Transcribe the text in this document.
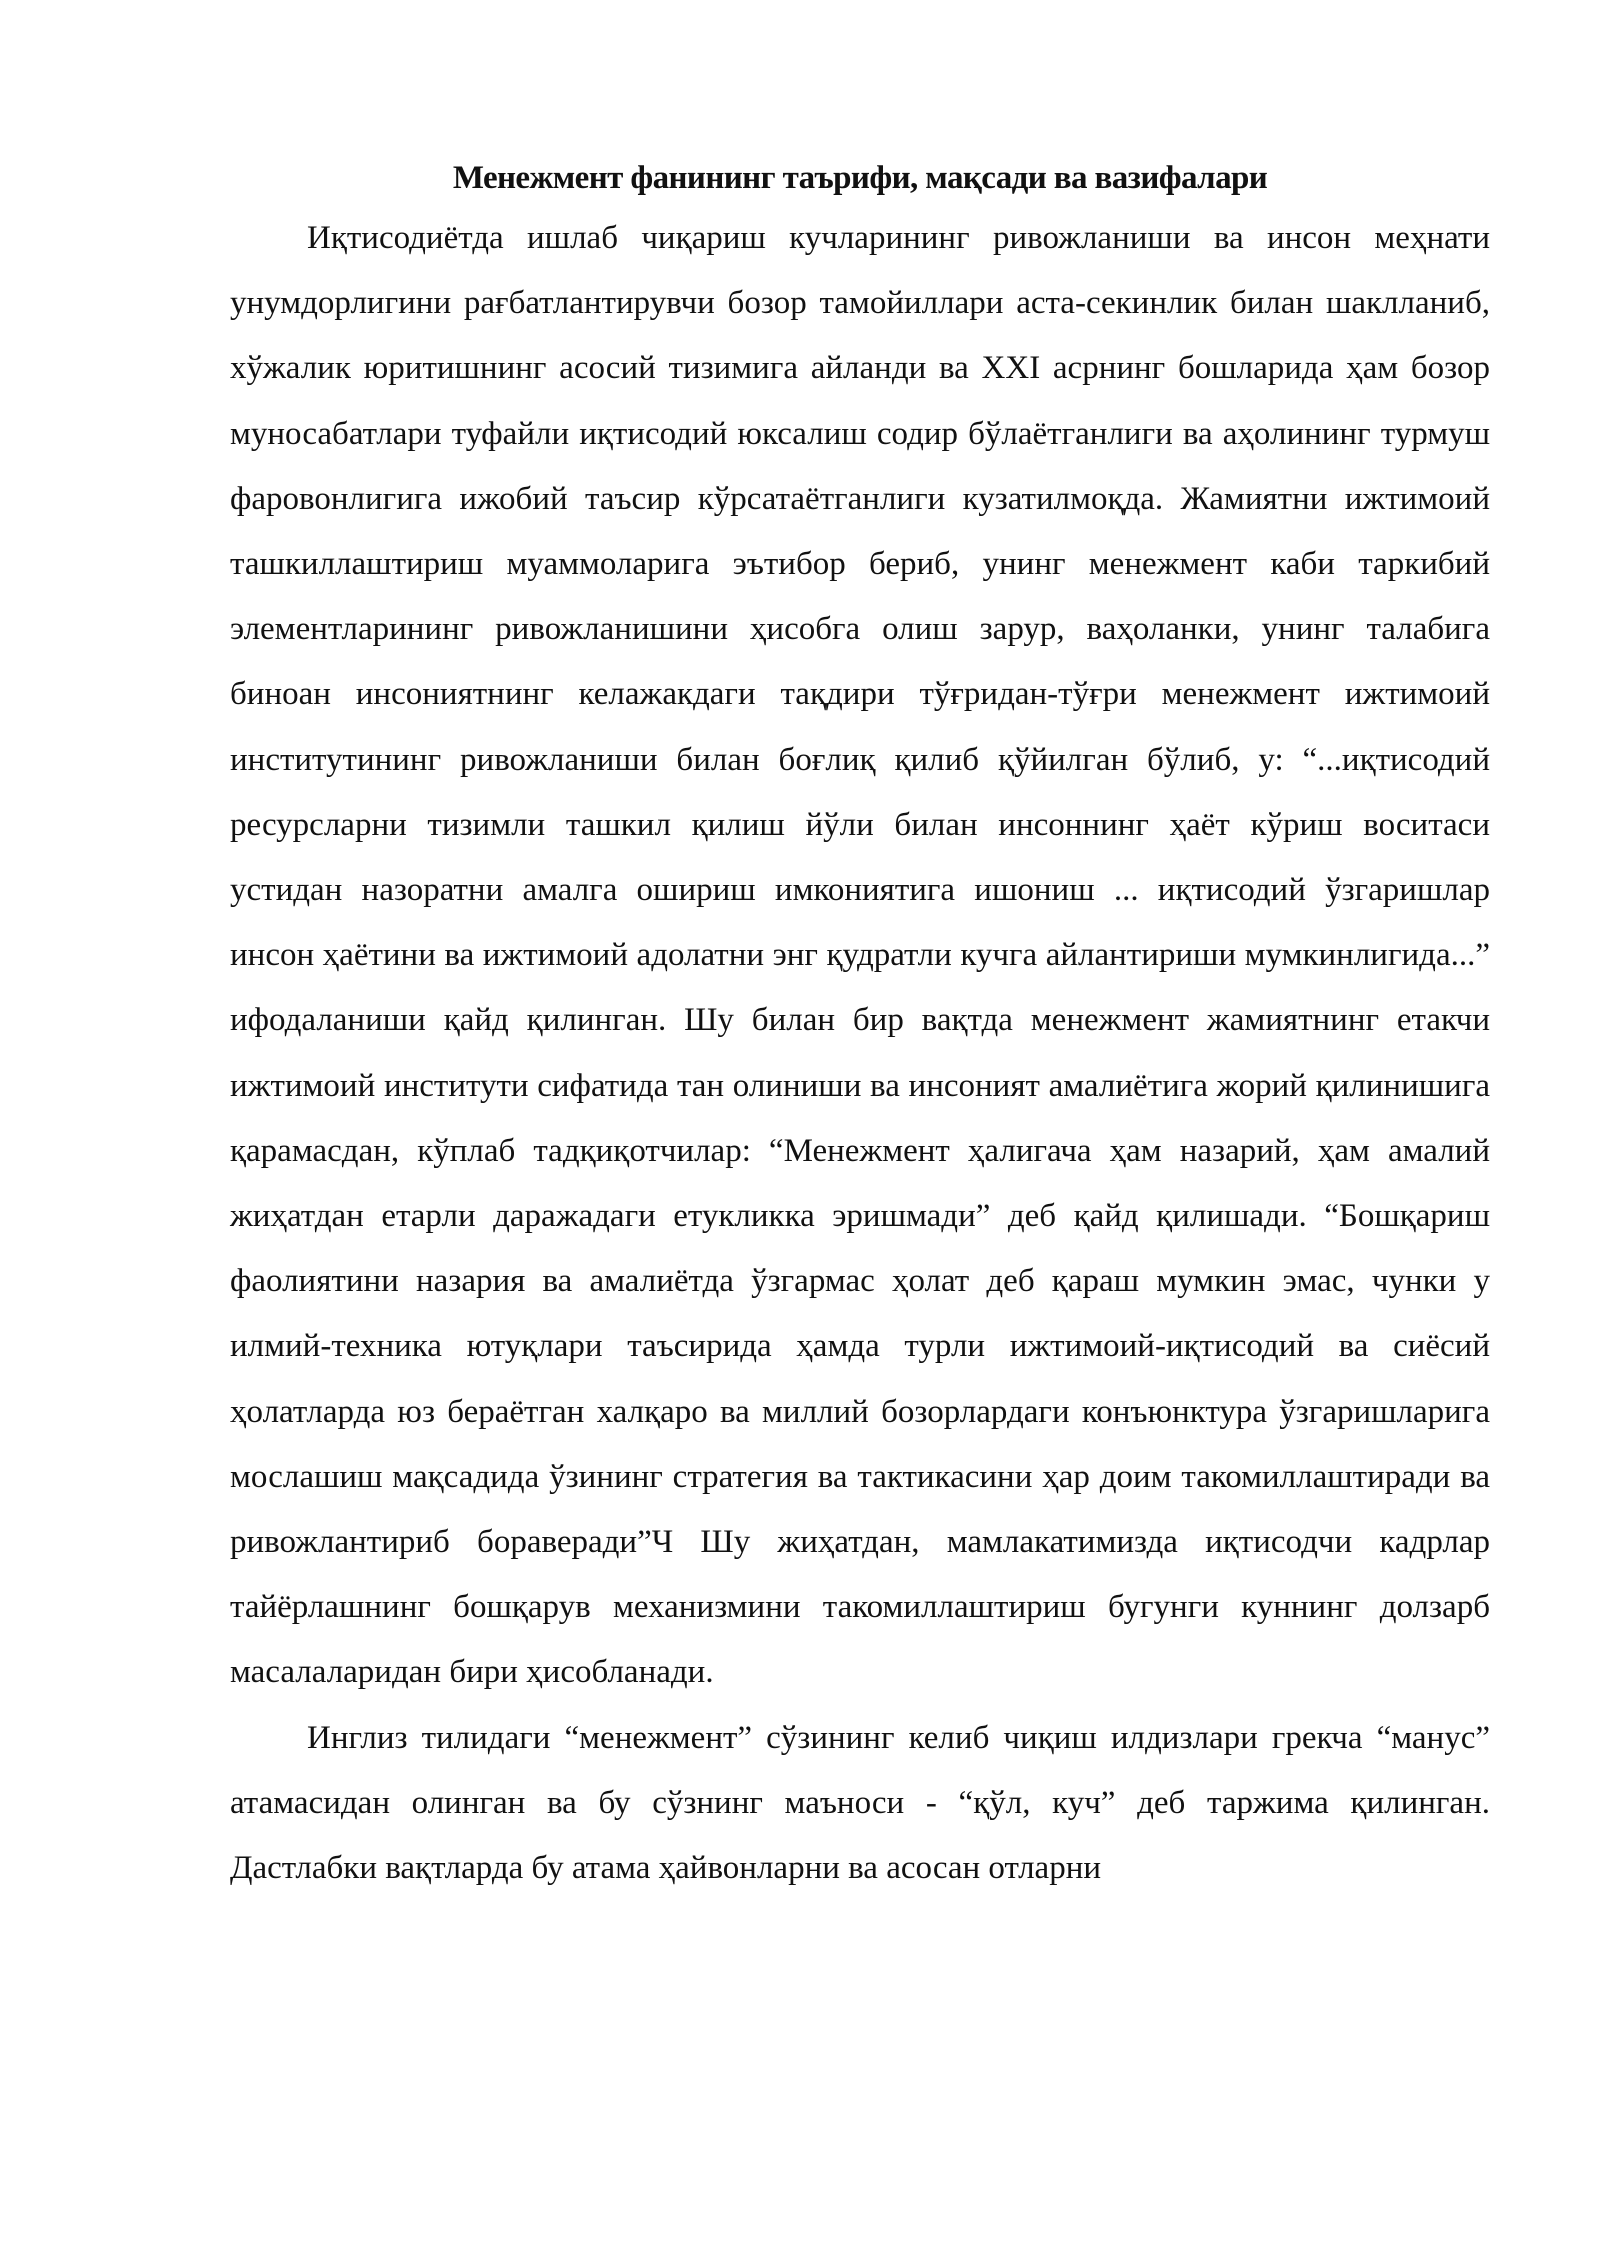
Менежмент фанининг таърифи, мақсади ва вазифалари

Иқтисодиётда ишлаб чиқариш кучларининг ривожланиши ва инсон меҳнати унумдорлигини рағбатлантирувчи бозор тамойиллари аста-секинлик билан шаклланиб, хўжалик юритишнинг асосий тизимига айланди ва XXI асрнинг бошларида ҳам бозор муносабатлари туфайли иқтисодий юксалиш содир бўлаётганлиги ва аҳолининг турмуш фаровонлигига ижобий таъсир кўрсатаётганлиги кузатилмоқда. Жамиятни ижтимоий ташкиллаштириш муаммоларига эътибор бериб, унинг менежмент каби таркибий элементларининг ривожланишини ҳисобга олиш зарур, ваҳоланки, унинг талабига биноан инсониятнинг келажакдаги тақдири тўғридан-тўғри менежмент ижтимоий институтининг ривожланиши билан боғлиқ қилиб қўйилган бўлиб, у: “...иқтисодий ресурсларни тизимли ташкил қилиш йўли билан инсоннинг ҳаёт кўриш воситаси устидан назоратни амалга ошириш имкониятига ишониш ... иқтисодий ўзгаришлар инсон ҳаётини ва ижтимоий адолатни энг қудратли кучга айлантириши мумкинлигида...” ифодаланиши қайд қилинган. Шу билан бир вақтда менежмент жамиятнинг етакчи ижтимоий институти сифатида тан олиниши ва инсоният амалиётига жорий қилинишига қарамасдан, кўплаб тадқиқотчилар: “Менежмент ҳалигача ҳам назарий, ҳам амалий жиҳатдан етарли даражадаги етукликка эришмади” деб қайд қилишади. “Бошқариш фаолиятини назария ва амалиётда ўзгармас ҳолат деб қараш мумкин эмас, чунки у илмий-техника ютуқлари таъсирида ҳамда турли ижтимоий-иқтисодий ва сиёсий ҳолатларда юз бераётган халқаро ва миллий бозорлардаги конъюнктура ўзгаришларига мослашиш мақсадида ўзининг стратегия ва тактикасини ҳар доим такомиллаштиради ва ривожлантириб бораверади”Ч Шу жиҳатдан, мамлакатимизда иқтисодчи кадрлар тайёрлашнинг бошқарув механизмини такомиллаштириш бугунги куннинг долзарб масалаларидан бири ҳисобланади.

Инглиз тилидаги “менежмент” сўзининг келиб чиқиш илдизлари грекча “манус” атамасидан олинган ва бу сўзнинг маъноси - “қўл, куч” деб таржима қилинган. Дастлабки вақтларда бу атама ҳайвонларни ва асосан отларни
